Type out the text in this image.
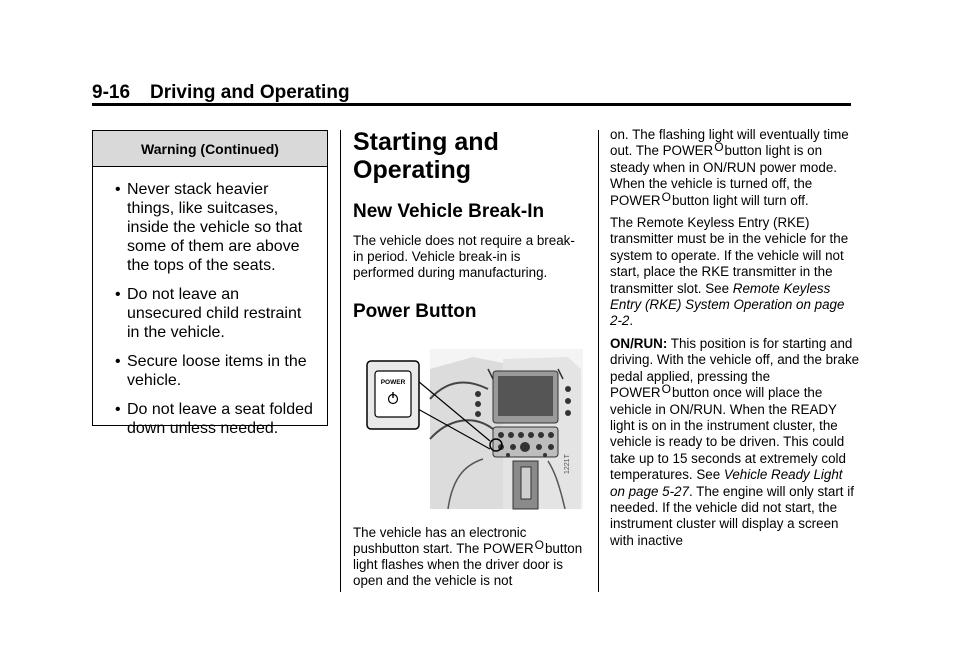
9-16 Driving and Operating
Warning (Continued)
• Never stack heavier things, like suitcases, inside the vehicle so that some of them are above the tops of the seats.
• Do not leave an unsecured child restraint in the vehicle.
• Secure loose items in the vehicle.
• Do not leave a seat folded down unless needed.
Starting and Operating
New Vehicle Break-In

The vehicle does not require a break-in period. Vehicle break-in is performed during manufacturing.

Power Button
POWER
1221T

The vehicle has an electronic pushbutton start. The POWERObutton light flashes when the driver door is open and the vehicle is not

on. The flashing light will eventually time out. The POWERObutton light is on steady when in ON/RUN power mode. When the vehicle is turned off, the POWERObutton light will turn off.

The Remote Keyless Entry (RKE) transmitter must be in the vehicle for the system to operate. If the vehicle will not start, place the RKE transmitter in the transmitter slot. See Remote Keyless Entry (RKE) System Operation on page 2-2.

ON/RUN: This position is for starting and driving. With the vehicle off, and the brake pedal applied, pressing the POWERObutton once will place the vehicle in ON/RUN. When the READY light is on in the instrument cluster, the vehicle is ready to be driven. This could take up to 15 seconds at extremely cold temperatures. See Vehicle Ready Light on page 5-27. The engine will only start if needed. If the vehicle did not start, the instrument cluster will display a screen with inactive
